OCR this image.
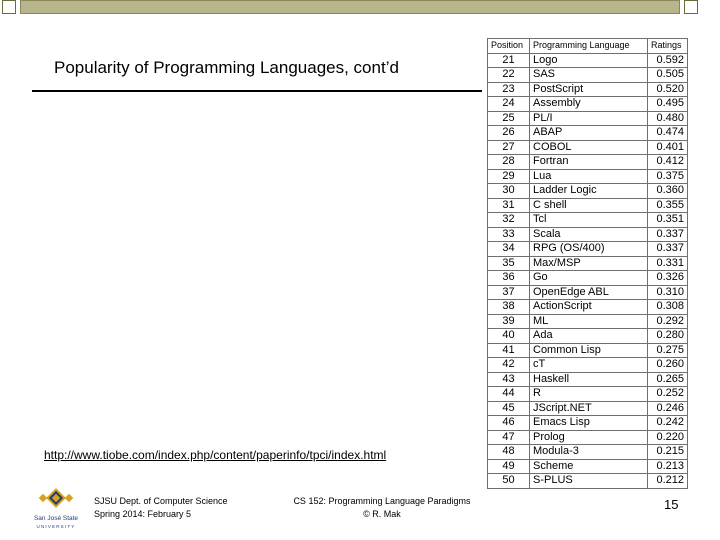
Popularity of Programming Languages, cont’d
Position	Programming Language	Ratings
21	Logo	0.592
22	SAS	0.505
23	PostScript	0.520
24	Assembly	0.495
25	PL/I	0.480
26	ABAP	0.474
27	COBOL	0.401
28	Fortran	0.412
29	Lua	0.375
30	Ladder Logic	0.360
31	C shell	0.355
32	Tcl	0.351
33	Scala	0.337
34	RPG (OS/400)	0.337
35	Max/MSP	0.331
36	Go	0.326
37	OpenEdge ABL	0.310
38	ActionScript	0.308
39	ML	0.292
40	Ada	0.280
41	Common Lisp	0.275
42	cT	0.260
43	Haskell	0.265
44	R	0.252
45	JScript.NET	0.246
46	Emacs Lisp	0.242
47	Prolog	0.220
48	Modula-3	0.215
49	Scheme	0.213
50	S-PLUS	0.212
http://www.tiobe.com/index.php/content/paperinfo/tpci/index.html
San José State
UNIVERSITY
SJSU Dept. of Computer Science
Spring 2014: February 5
CS 152: Programming Language Paradigms
© R. Mak
15
